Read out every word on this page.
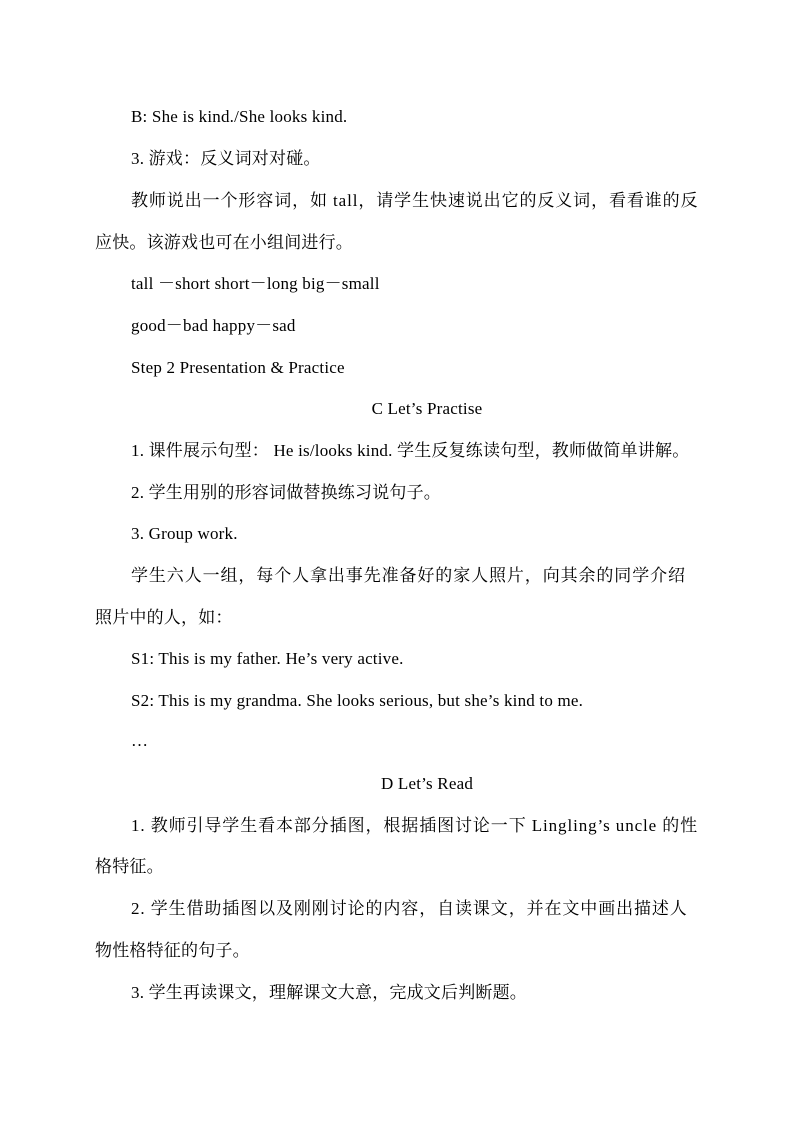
B: She is kind./She looks kind.
3. 游戏：反义词对对碰。
教师说出一个形容词，如 tall，请学生快速说出它的反义词，看看谁的反
应快。该游戏也可在小组间进行。
tall －short short－long big－small
good－bad happy－sad
Step 2 Presentation & Practice
C Let’s Practise
1. 课件展示句型： He is/looks kind. 学生反复练读句型，教师做简单讲解。
2. 学生用别的形容词做替换练习说句子。
3. Group work.
学生六人一组，每个人拿出事先准备好的家人照片，向其余的同学介绍
照片中的人，如：
S1: This is my father. He’s very active.
S2: This is my grandma. She looks serious, but she’s kind to me.
…
D Let’s Read
1. 教师引导学生看本部分插图，根据插图讨论一下 Lingling’s uncle 的性
格特征。
2. 学生借助插图以及刚刚讨论的内容，自读课文，并在文中画出描述人
物性格特征的句子。
3. 学生再读课文，理解课文大意，完成文后判断题。
